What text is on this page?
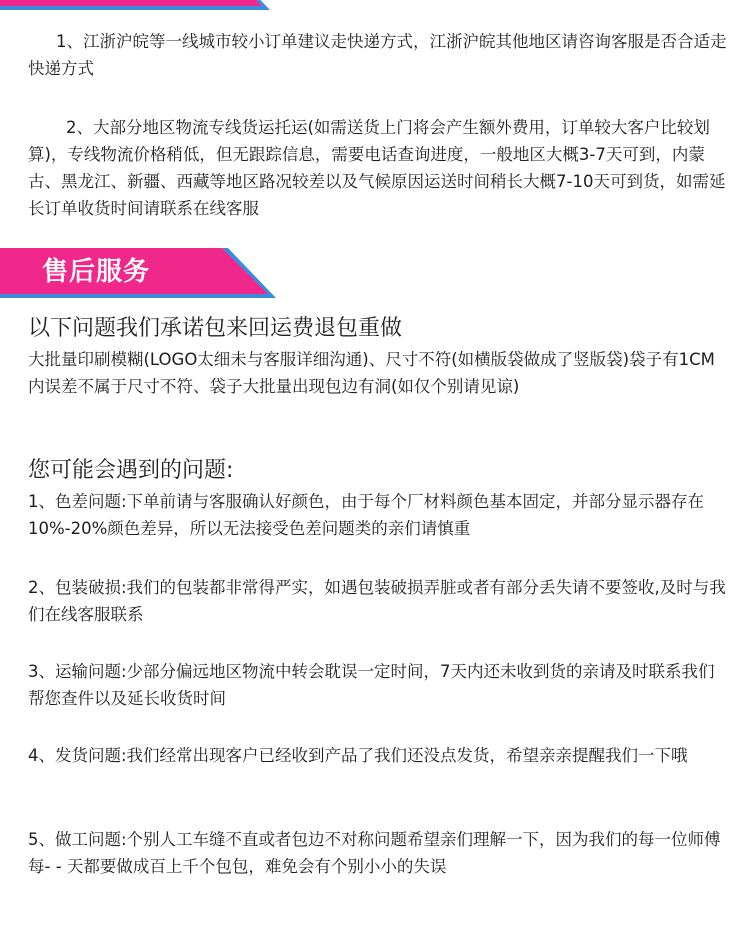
1、江浙沪皖等一线城市较小订单建议走快递方式，江浙沪皖其他地区请咨询客服是否合适走快递方式

2、大部分地区物流专线货运托运(如需送货上门将会产生额外费用，订单较大客户比较划算)，专线物流价格稍低，但无跟踪信息，需要电话查询进度，一般地区大概3-7天可到，内蒙古、黑龙江、新疆、西藏等地区路况较差以及气候原因运送时间稍长大概7-10天可到货，如需延长订单收货时间请联系在线客服

售后服务

以下问题我们承诺包来回运费退包重做

大批量印刷模糊(LOGO太细未与客服详细沟通)、尺寸不符(如横版袋做成了竖版袋)袋子有1CM内误差不属于尺寸不符、袋子大批量出现包边有洞(如仅个别请见谅)

您可能会遇到的问题:

1、色差问题:下单前请与客服确认好颜色，由于每个厂材料颜色基本固定，并部分显示器存在10%-20%颜色差异，所以无法接受色差问题类的亲们请慎重

2、包装破损:我们的包装都非常得严实，如遇包装破损弄脏或者有部分丢失请不要签收,及时与我们在线客服联系

3、运输问题:少部分偏远地区物流中转会耽误一定时间，7天内还未收到货的亲请及时联系我们帮您查件以及延长收货时间

4、发货问题:我们经常出现客户已经收到产品了我们还没点发货，希望亲亲提醒我们一下哦

5、做工问题:个别人工车缝不直或者包边不对称问题希望亲们理解一下，因为我们的每一位师傅每- - 天都要做成百上千个包包，难免会有个别小小的失误
